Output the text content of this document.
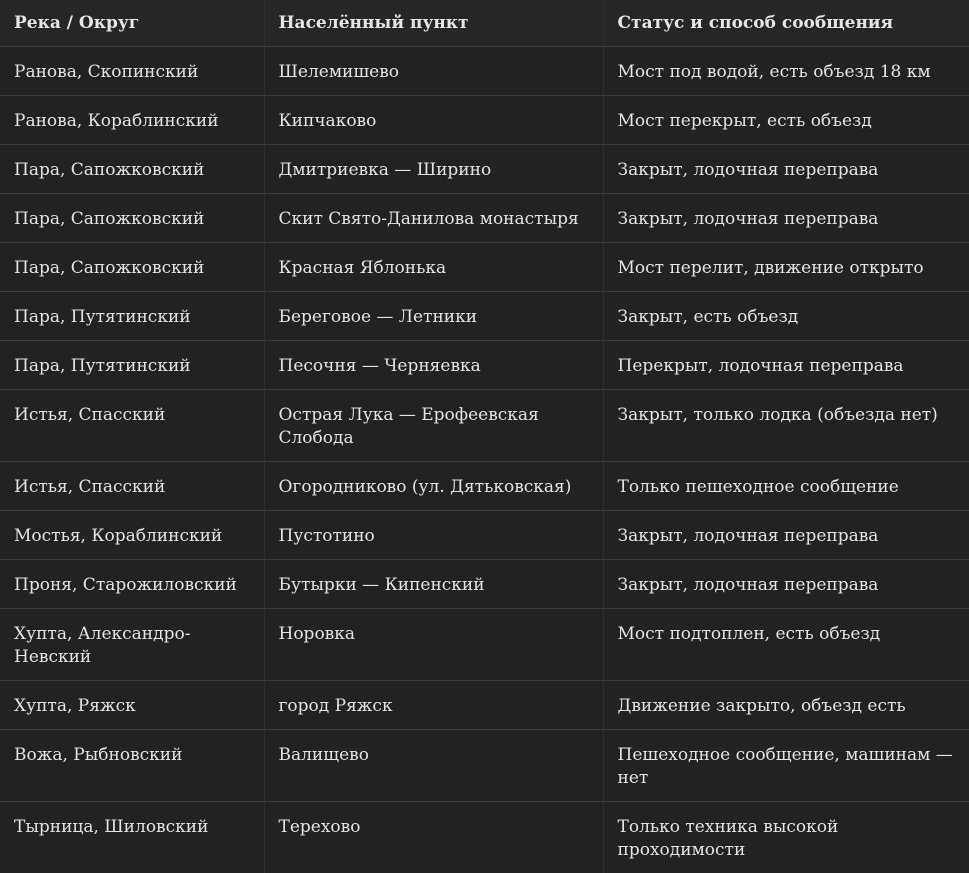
Река / Округ	Населённый пункт	Статус и способ сообщения
Ранова, Скопинский	Шелемишево	Мост под водой, есть объезд 18 км
Ранова, Кораблинский	Кипчаково	Мост перекрыт, есть объезд
Пара, Сапожковский	Дмитриевка — Ширино	Закрыт, лодочная переправа
Пара, Сапожковский	Скит Свято-Данилова монастыря	Закрыт, лодочная переправа
Пара, Сапожковский	Красная Яблонька	Мост перелит, движение открыто
Пара, Путятинский	Береговое — Летники	Закрыт, есть объезд
Пара, Путятинский	Песочня — Черняевка	Перекрыт, лодочная переправа
Истья, Спасский	Острая Лука — Ерофеевская Слобода	Закрыт, только лодка (объезда нет)
Истья, Спасский	Огородниково (ул. Дятьковская)	Только пешеходное сообщение
Мостья, Кораблинский	Пустотино	Закрыт, лодочная переправа
Проня, Старожиловский	Бутырки — Кипенский	Закрыт, лодочная переправа
Хупта, Александро-Невский	Норовка	Мост подтоплен, есть объезд
Хупта, Ряжск	город Ряжск	Движение закрыто, объезд есть
Вожа, Рыбновский	Валищево	Пешеходное сообщение, машинам — нет
Тырница, Шиловский	Терехово	Только техника высокой проходимости
